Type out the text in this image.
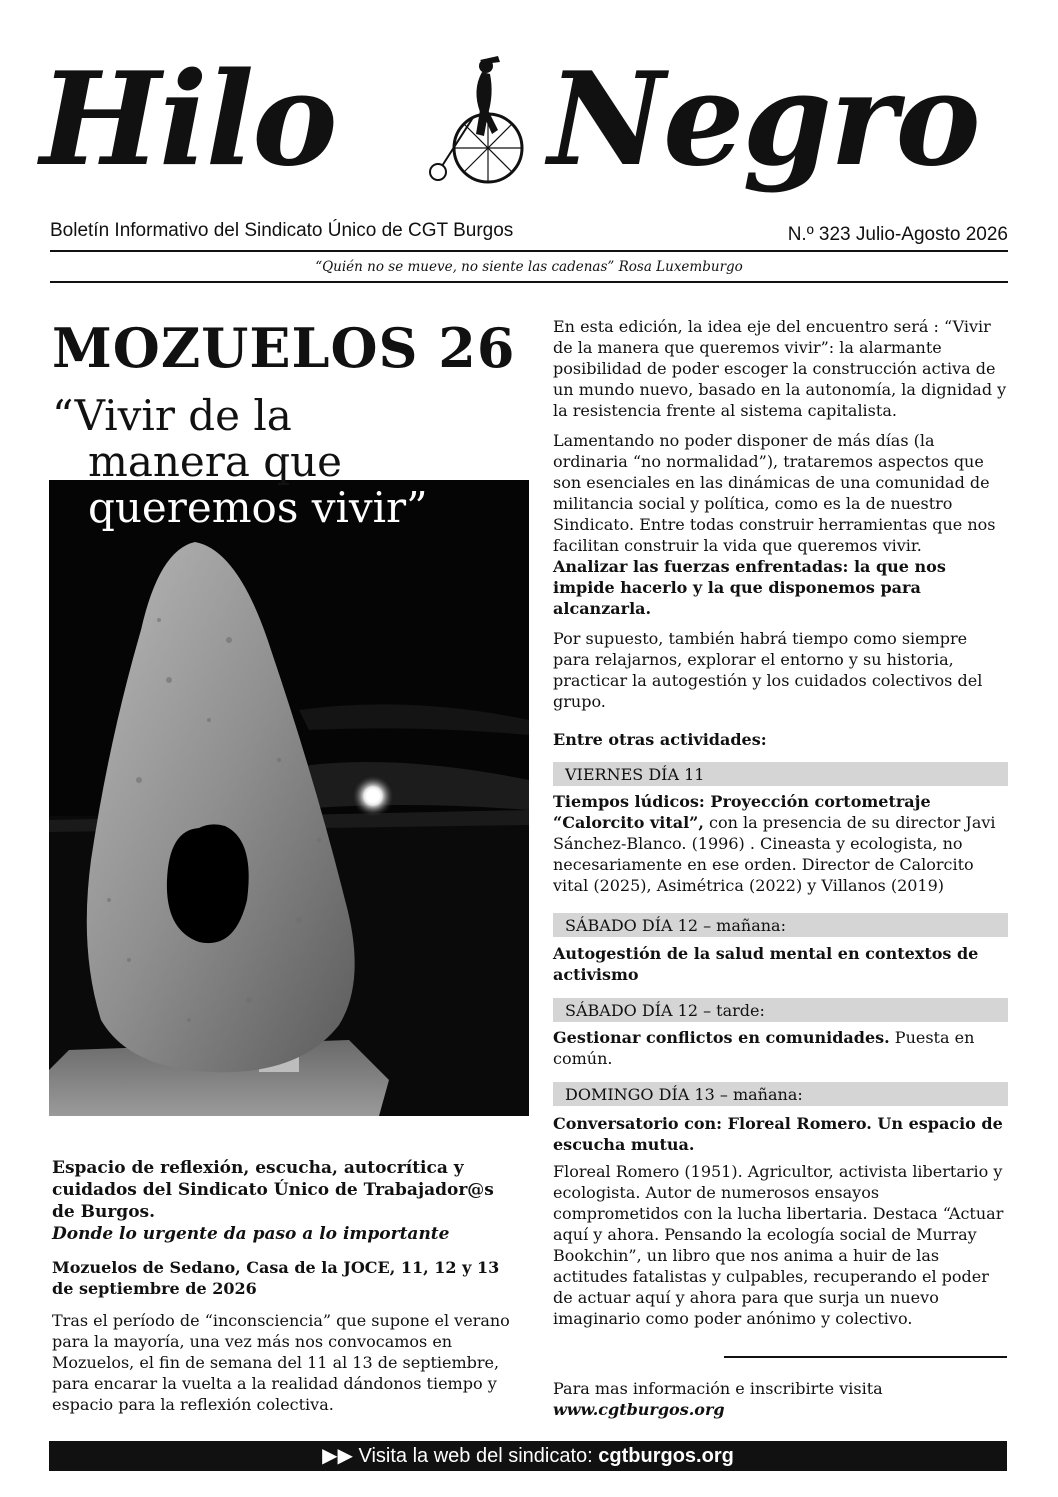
Hilo Negro
Boletín Informativo del Sindicato Único de CGT Burgos	N.º 323 Julio-Agosto 2026
“Quién no se mueve, no siente las cadenas” Rosa Luxemburgo
MOZUELOS 26
“Vivir de la
manera que
queremos vivir”
Espacio de reflexión, escucha, autocrítica y cuidados del Sindicato Único de Trabajador@s de Burgos.
Donde lo urgente da paso a lo importante
Mozuelos de Sedano, Casa de la JOCE, 11, 12 y 13 de septiembre de 2026
Tras el período de “inconsciencia” que supone el verano para la mayoría, una vez más nos convocamos en Mozuelos, el fin de semana del 11 al 13 de septiembre, para encarar la vuelta a la realidad dándonos tiempo y espacio para la reflexión colectiva.

En esta edición, la idea eje del encuentro será : “Vivir de la manera que queremos vivir”: la alarmante posibilidad de poder escoger la construcción activa de un mundo nuevo, basado en la autonomía, la dignidad y la resistencia frente al sistema capitalista.

Lamentando no poder disponer de más días (la ordinaria “no normalidad”), trataremos aspectos que son esenciales en las dinámicas de una comunidad de militancia social y política, como es la de nuestro Sindicato. Entre todas construir herramientas que nos facilitan construir la vida que queremos vivir.

Analizar las fuerzas enfrentadas: la que nos impide hacerlo y la que disponemos para alcanzarla.

Por supuesto, también habrá tiempo como siempre para relajarnos, explorar el entorno y su historia, practicar la autogestión y los cuidados colectivos del grupo.

Entre otras actividades:
VIERNES DÍA 11
Tiempos lúdicos: Proyección cortometraje “Calorcito vital”, con la presencia de su director Javi Sánchez-Blanco. (1996) . Cineasta y ecologista, no necesariamente en ese orden. Director de Calorcito vital (2025), Asimétrica (2022) y Villanos (2019)
SÁBADO DÍA 12 – mañana:
Autogestión de la salud mental en contextos de activismo
SÁBADO DÍA 12 – tarde:
Gestionar conflictos en comunidades. Puesta en común.
DOMINGO DÍA 13 – mañana:
Conversatorio con: Floreal Romero. Un espacio de escucha mutua.
Floreal Romero (1951). Agricultor, activista libertario y ecologista. Autor de numerosos ensayos comprometidos con la lucha libertaria. Destaca “Actuar aquí y ahora. Pensando la ecología social de Murray Bookchin”, un libro que nos anima a huir de las actitudes fatalistas y culpables, recuperando el poder de actuar aquí y ahora para que surja un nuevo imaginario como poder anónimo y colectivo.
Para mas información e inscribirte visita
www.cgtburgos.org
▶▶ Visita la web del sindicato: cgtburgos.org
